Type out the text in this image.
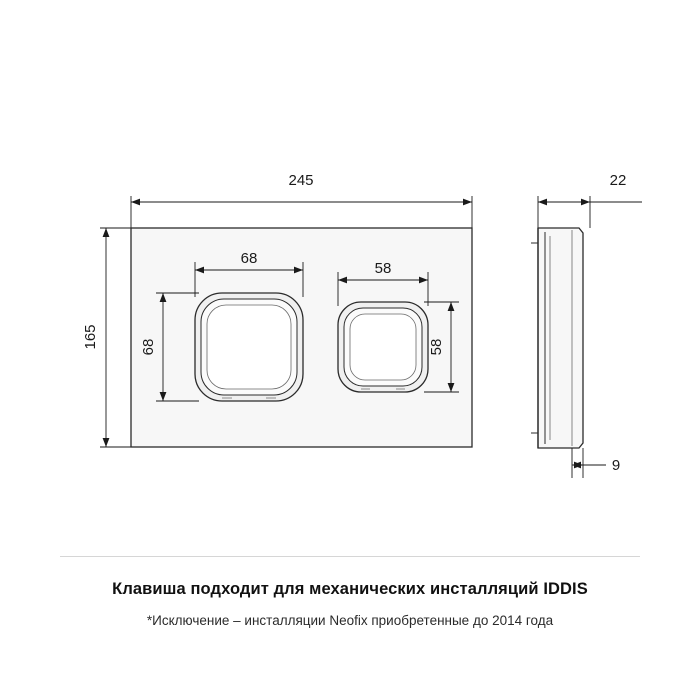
245
165
68
58
68	58
22
9

Клавиша подходит для механических инсталляций IDDIS

*Исключение – инсталляции Neofix приобретенные до 2014 года
